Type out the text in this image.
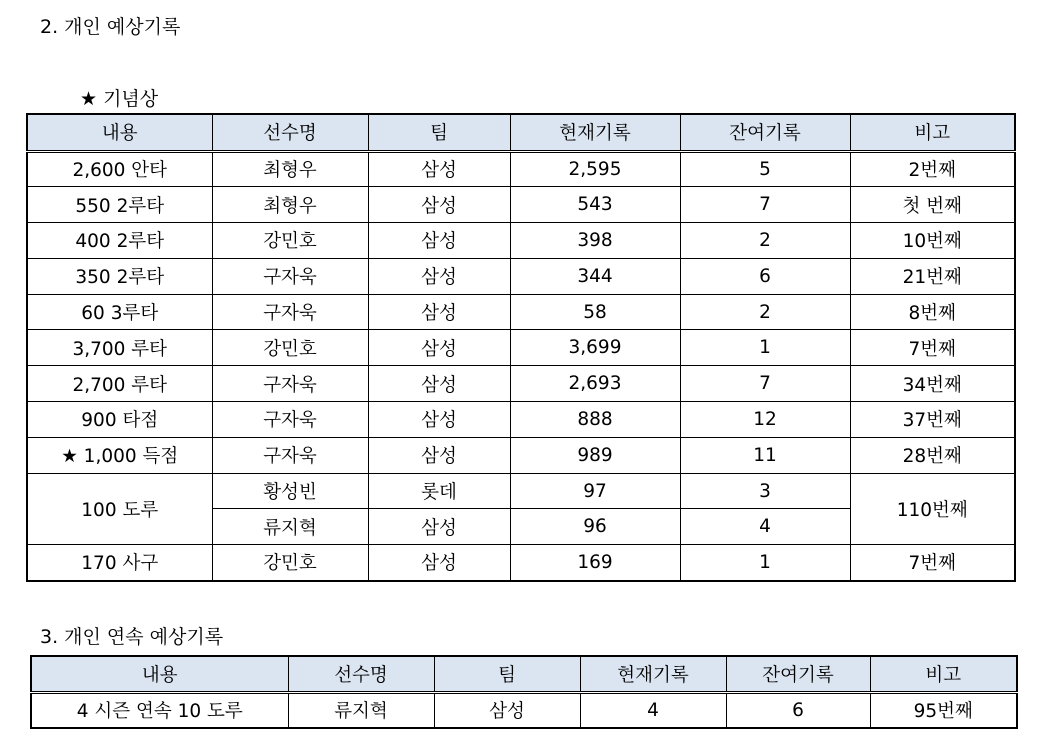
2. 개인 예상기록
★ 기념상
내용	선수명	팀	현재기록	잔여기록	비고
2,600 안타	최형우	삼성	2,595	5	2번째
550 2루타	최형우	삼성	543	7	첫 번째
400 2루타	강민호	삼성	398	2	10번째
350 2루타	구자욱	삼성	344	6	21번째
60 3루타	구자욱	삼성	58	2	8번째
3,700 루타	강민호	삼성	3,699	1	7번째
2,700 루타	구자욱	삼성	2,693	7	34번째
900 타점	구자욱	삼성	888	12	37번째
★ 1,000 득점	구자욱	삼성	989	11	28번째
100 도루	황성빈	롯데	97	3	110번째
	류지혁	삼성	96	4	
170 사구	강민호	삼성	169	1	7번째
3. 개인 연속 예상기록
내용	선수명	팀	현재기록	잔여기록	비고
4 시즌 연속 10 도루	류지혁	삼성	4	6	95번째
